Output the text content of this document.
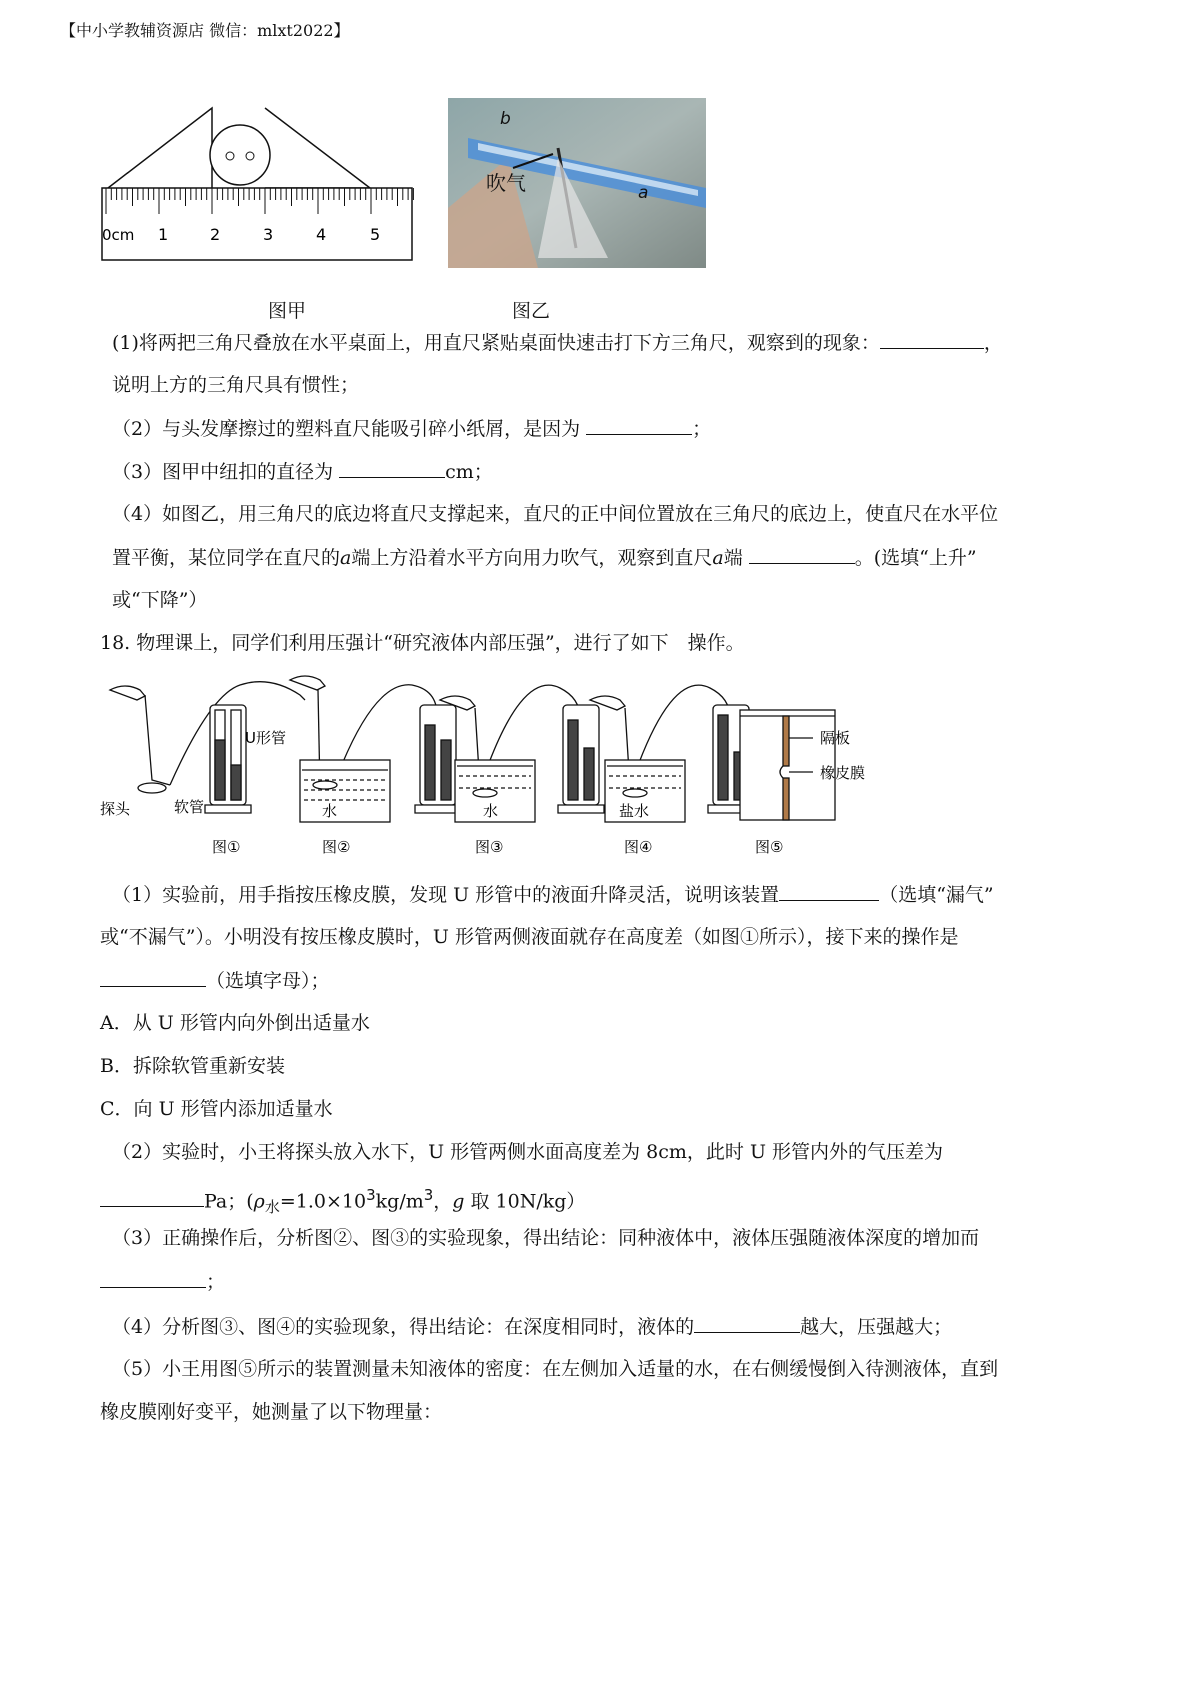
【中小学教辅资源店 微信：mlxt2022】
0cm 1	2	3	4	5
图甲
b
吹气	a
图乙
(1)将两把三角尺叠放在水平桌面上，用直尺紧贴桌面快速击打下方三角尺，观察到的现象：	，
说明上方的三角尺具有惯性；
（2）与头发摩擦过的塑料直尺能吸引碎小纸屑，是因为	；
（3）图甲中纽扣的直径为	cm；
（4）如图乙，用三角尺的底边将直尺支撑起来，直尺的正中间位置放在三角尺的底边上，使直尺在水平位
置平衡，某位同学在直尺的a端上方沿着水平方向用力吹气，观察到直尺a端	。(选填“上升”
或“下降”）
18. 物理课上，同学们利用压强计“研究液体内部压强”，进行了如下　操作。
U形管
探头	软管	水	水	盐水
隔板
橡皮膜
图①	图②	图③	图④	图⑤
（1）实验前，用手指按压橡皮膜，发现 U 形管中的液面升降灵活，说明该装置	（选填“漏气”
或“不漏气”）。小明没有按压橡皮膜时，U 形管两侧液面就存在高度差（如图①所示），接下来的操作是
（选填字母）；
A．从 U 形管内向外倒出适量水
B．拆除软管重新安装
C．向 U 形管内添加适量水
（2）实验时，小王将探头放入水下，U 形管两侧水面高度差为 8cm，此时 U 形管内外的气压差为
Pa；($\rho_水=1.0\times 10^3kg/m^3$，g 取 10N/kg）
（3）正确操作后，分析图②、图③的实验现象，得出结论：同种液体中，液体压强随液体深度的增加而
；
（4）分析图③、图④的实验现象，得出结论：在深度相同时，液体的	越大，压强越大；
（5）小王用图⑤所示的装置测量未知液体的密度：在左侧加入适量的水，在右侧缓慢倒入待测液体，直到
橡皮膜刚好变平，她测量了以下物理量：
